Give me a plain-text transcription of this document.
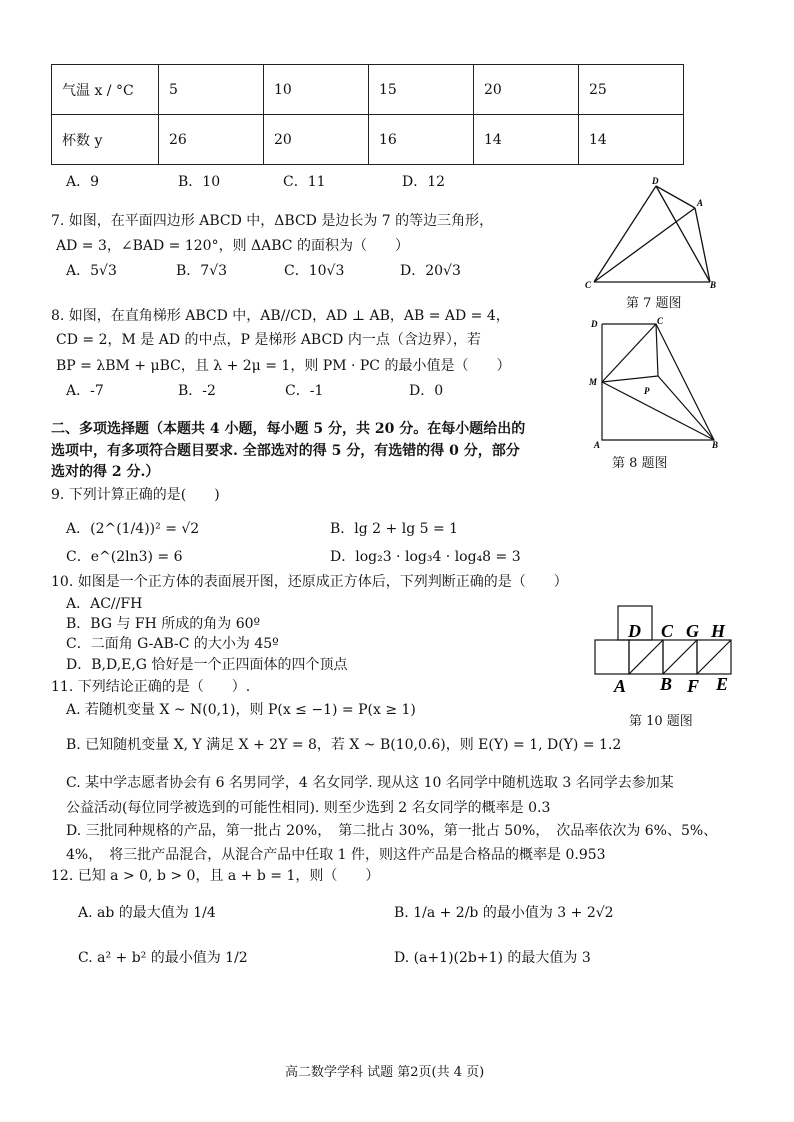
气温 x / °C	5	10	15	20	25
杯数 y	26	20	16	14	14
A．9	B．10	C．11	D．12
7. 如图，在平面四边形 ABCD 中，ΔBCD 是边长为 7 的等边三角形，
AD = 3，∠BAD = 120°，则 ΔABC 的面积为（　　）
A．5√3	B．7√3	C．10√3	D．20√3
D
A
C	B
第 7 题图
8. 如图，在直角梯形 ABCD 中，AB//CD，AD ⊥ AB，AB = AD = 4，
CD = 2，M 是 AD 的中点，P 是梯形 ABCD 内一点（含边界），若
BP = λBM + μBC，且 λ + 2μ = 1，则 PM · PC 的最小值是（　　）
A．-7	B．-2	C．-1	D．0
D	C
M
P
A	B
第 8 题图
二、多项选择题（本题共 4 小题，每小题 5 分，共 20 分。在每小题给出的
选项中，有多项符合题目要求. 全部选对的得 5 分，有选错的得 0 分，部分
选对的得 2 分.）
9. 下列计算正确的是(　　)
A．(2^(1/4))² = √2	B．lg 2 + lg 5 = 1
C．e^(2ln3) = 6	D．log₂3 · log₃4 · log₄8 = 3
10. 如图是一个正方体的表面展开图，还原成正方体后，下列判断正确的是（　　）
A．AC//FH
B．BG 与 FH 所成的角为 60º
C．二面角 G-AB-C 的大小为 45º
D．B,D,E,G 恰好是一个正四面体的四个顶点
D C G H
A B F E
第 10 题图
11. 下列结论正确的是（　　）.
A. 若随机变量 X ~ N(0,1)，则 P(x ≤ −1) = P(x ≥ 1)
B. 已知随机变量 X, Y 满足 X + 2Y = 8，若 X ~ B(10,0.6)，则 E(Y) = 1, D(Y) = 1.2
C. 某中学志愿者协会有 6 名男同学，4 名女同学. 现从这 10 名同学中随机选取 3 名同学去参加某
公益活动(每位同学被选到的可能性相同). 则至少选到 2 名女同学的概率是 0.3
D. 三批同种规格的产品，第一批占 20%，　第二批占 30%，第一批占 50%，　次品率依次为 6%、5%、
4%，　将三批产品混合，从混合产品中任取 1 件，则这件产品是合格品的概率是 0.953
12. 已知 a > 0, b > 0，且 a + b = 1，则（　　）
A. ab 的最大值为 1/4	B. 1/a + 2/b 的最小值为 3 + 2√2
C. a² + b² 的最小值为 1/2	D. (a+1)(2b+1) 的最大值为 3
高二数学学科 试题 第2页(共 4 页)
